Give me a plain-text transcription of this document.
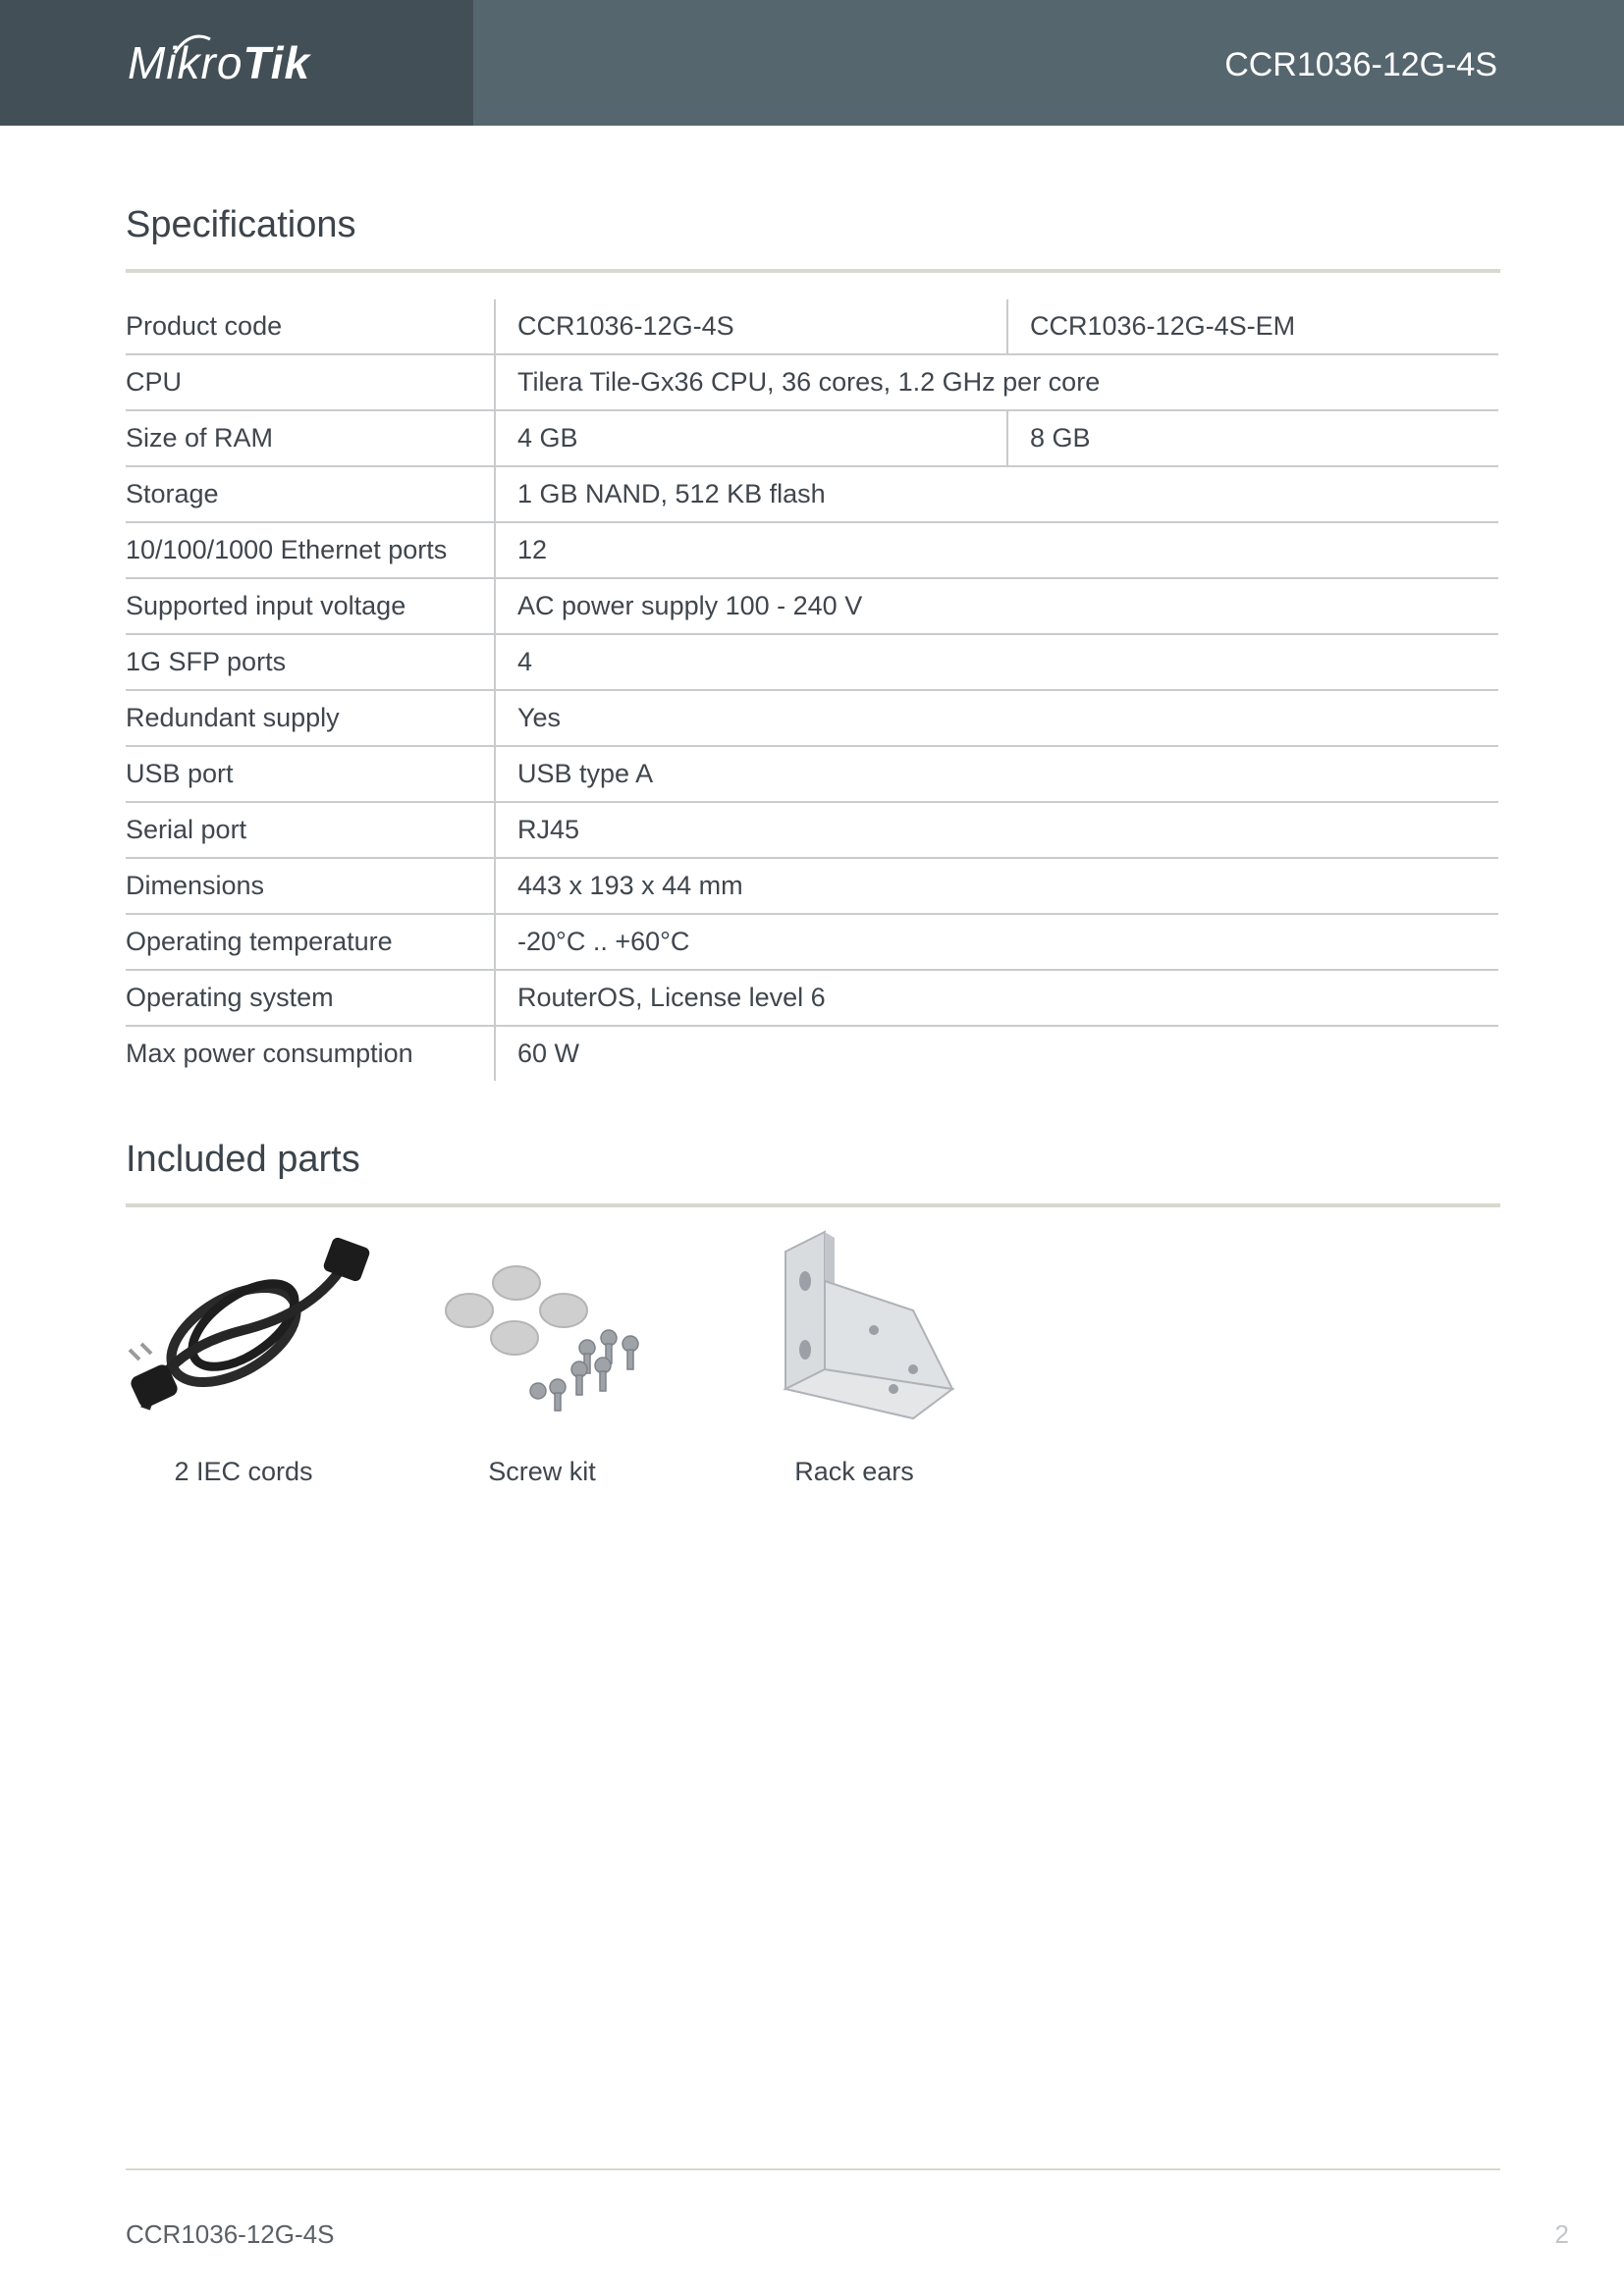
MikroTik	CCR1036-12G-4S
Specifications
Product code	CCR1036-12G-4S	CCR1036-12G-4S-EM
CPU	Tilera Tile-Gx36 CPU, 36 cores, 1.2 GHz per core	
Size of RAM	4 GB	8 GB
Storage	1 GB NAND, 512 KB flash	
10/100/1000 Ethernet ports	12	
Supported input voltage	AC power supply 100 - 240 V	
1G SFP ports	4	
Redundant supply	Yes	
USB port	USB type A	
Serial port	RJ45	
Dimensions	443 x 193 x 44 mm	
Operating temperature	-20°C .. +60°C	
Operating system	RouterOS, License level 6	
Max power consumption	60 W	
Included parts
2 IEC cords	Screw kit	Rack ears
CCR1036-12G-4S	2
